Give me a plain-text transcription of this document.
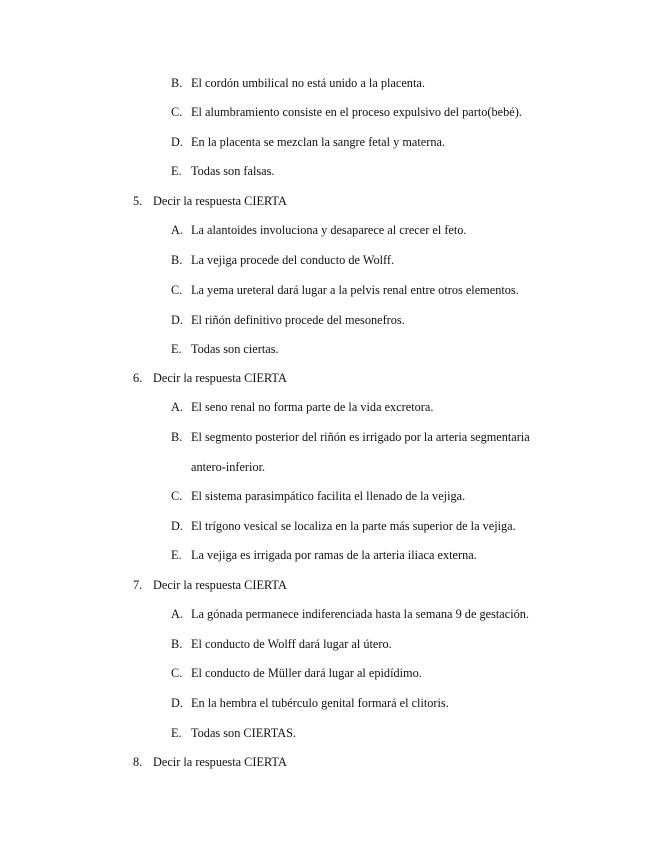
B. El cordón umbilical no está unido a la placenta.
C. El alumbramiento consiste en el proceso expulsivo del parto(bebé).
D. En la placenta se mezclan la sangre fetal y materna.
E. Todas son falsas.
5. Decir la respuesta CIERTA
A. La alantoides involuciona y desaparece al crecer el feto.
B. La vejiga procede del conducto de Wolff.
C. La yema ureteral dará lugar a la pelvis renal entre otros elementos.
D. El riñón definitivo procede del mesonefros.
E. Todas son ciertas.
6. Decir la respuesta CIERTA
A. El seno renal no forma parte de la vida excretora.
B. El segmento posterior del riñón es irrigado por la arteria segmentaria
antero-inferior.
C. El sistema parasimpático facilita el llenado de la vejiga.
D. El trígono vesical se localiza en la parte más superior de la vejiga.
E. La vejiga es irrigada por ramas de la arteria iliaca externa.
7. Decir la respuesta CIERTA
A. La gónada permanece indiferenciada hasta la semana 9 de gestación.
B. El conducto de Wolff dará lugar al útero.
C. El conducto de Müller dará lugar al epidídimo.
D. En la hembra el tubérculo genital formará el clitoris.
E. Todas son CIERTAS.
8. Decir la respuesta CIERTA
